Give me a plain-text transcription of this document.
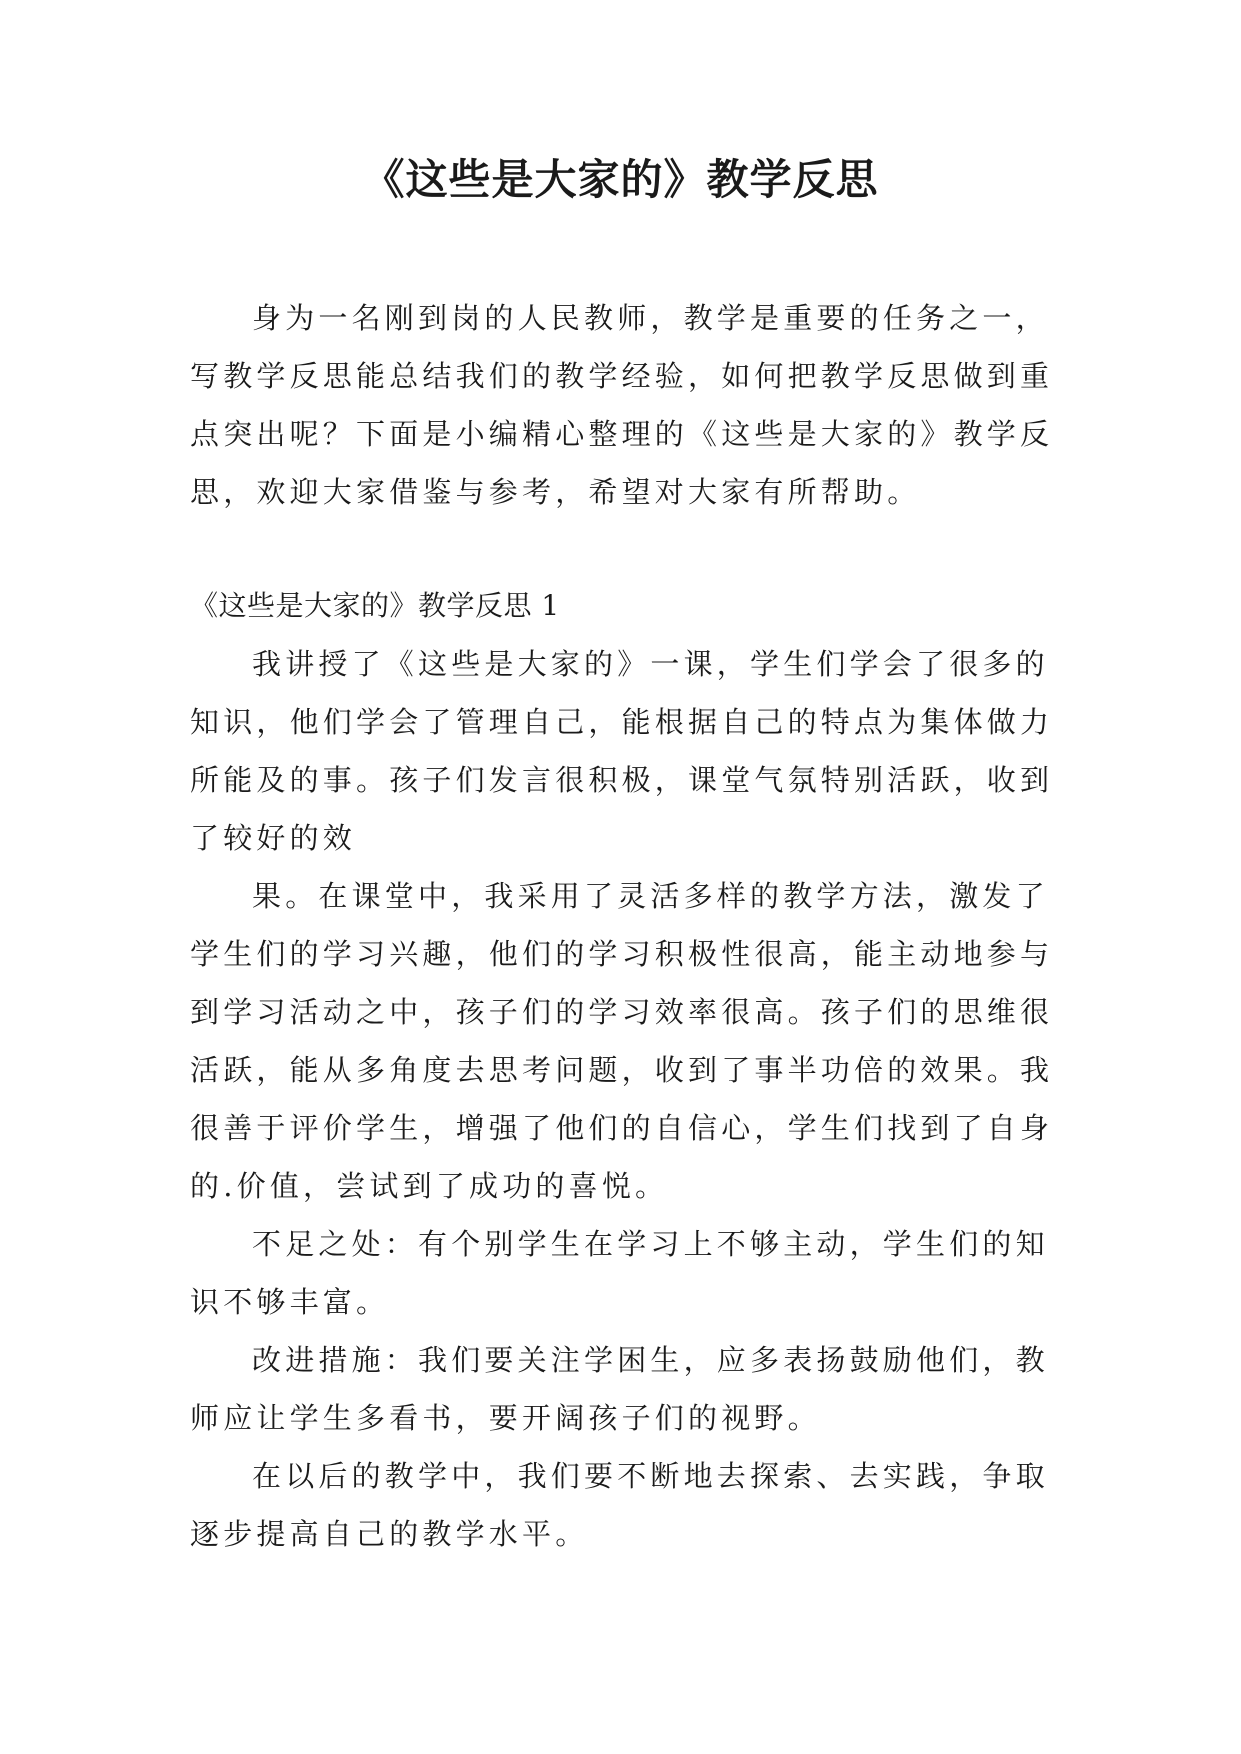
《这些是大家的》教学反思

身为一名刚到岗的人民教师，教学是重要的任务之一，

写教学反思能总结我们的教学经验，如何把教学反思做到重

点突出呢？下面是小编精心整理的《这些是大家的》教学反

思，欢迎大家借鉴与参考，希望对大家有所帮助。

《这些是大家的》教学反思 1

我讲授了《这些是大家的》一课，学生们学会了很多的

知识，他们学会了管理自己，能根据自己的特点为集体做力

所能及的事。孩子们发言很积极，课堂气氛特别活跃，收到

了较好的效

果。在课堂中，我采用了灵活多样的教学方法，激发了

学生们的学习兴趣，他们的学习积极性很高，能主动地参与

到学习活动之中，孩子们的学习效率很高。孩子们的思维很

活跃，能从多角度去思考问题，收到了事半功倍的效果。我

很善于评价学生，增强了他们的自信心，学生们找到了自身

的.价值，尝试到了成功的喜悦。

不足之处：有个别学生在学习上不够主动，学生们的知

识不够丰富。

改进措施：我们要关注学困生，应多表扬鼓励他们，教

师应让学生多看书，要开阔孩子们的视野。

在以后的教学中，我们要不断地去探索、去实践，争取

逐步提高自己的教学水平。
